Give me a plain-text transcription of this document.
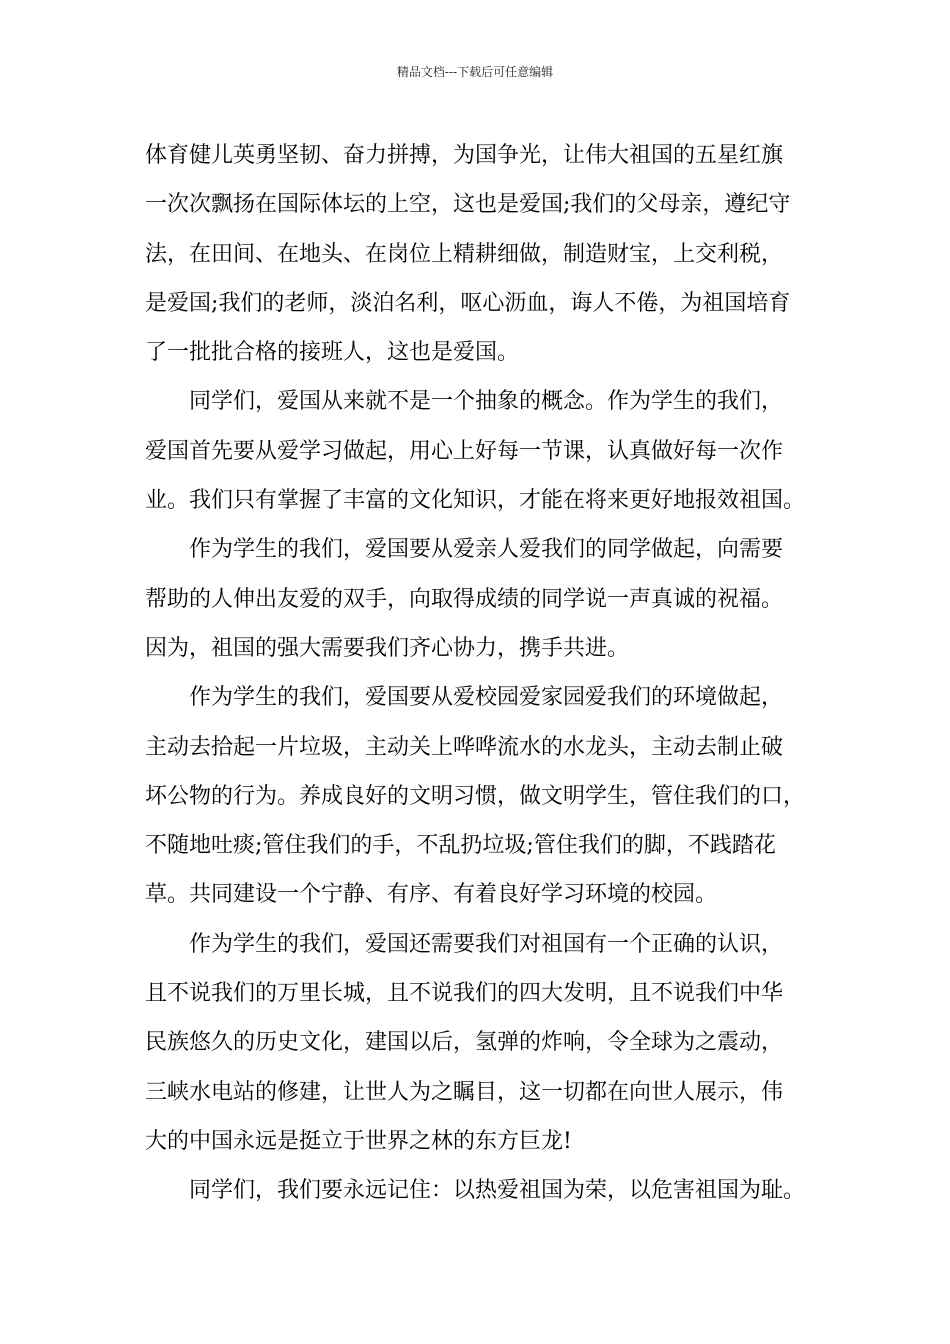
精品文档---下载后可任意编辑
体育健儿英勇坚韧、奋力拼搏，为国争光，让伟大祖国的五星红旗
一次次飘扬在国际体坛的上空，这也是爱国;我们的父母亲，遵纪守
法，在田间、在地头、在岗位上精耕细做，制造财宝，上交利税，
是爱国;我们的老师，淡泊名利，呕心沥血，诲人不倦，为祖国培育
了一批批合格的接班人，这也是爱国。
同学们，爱国从来就不是一个抽象的概念。作为学生的我们，
爱国首先要从爱学习做起，用心上好每一节课，认真做好每一次作
业。我们只有掌握了丰富的文化知识，才能在将来更好地报效祖国。
作为学生的我们，爱国要从爱亲人爱我们的同学做起，向需要
帮助的人伸出友爱的双手，向取得成绩的同学说一声真诚的祝福。
因为，祖国的强大需要我们齐心协力，携手共进。
作为学生的我们，爱国要从爱校园爱家园爱我们的环境做起，
主动去拾起一片垃圾，主动关上哗哗流水的水龙头，主动去制止破
坏公物的行为。养成良好的文明习惯，做文明学生，管住我们的口，
不随地吐痰;管住我们的手，不乱扔垃圾;管住我们的脚，不践踏花
草。共同建设一个宁静、有序、有着良好学习环境的校园。
作为学生的我们，爱国还需要我们对祖国有一个正确的认识，
且不说我们的万里长城，且不说我们的四大发明，且不说我们中华
民族悠久的历史文化，建国以后，氢弹的炸响，令全球为之震动，
三峡水电站的修建，让世人为之瞩目，这一切都在向世人展示，伟
大的中国永远是挺立于世界之林的东方巨龙!
同学们，我们要永远记住：以热爱祖国为荣，以危害祖国为耻。
